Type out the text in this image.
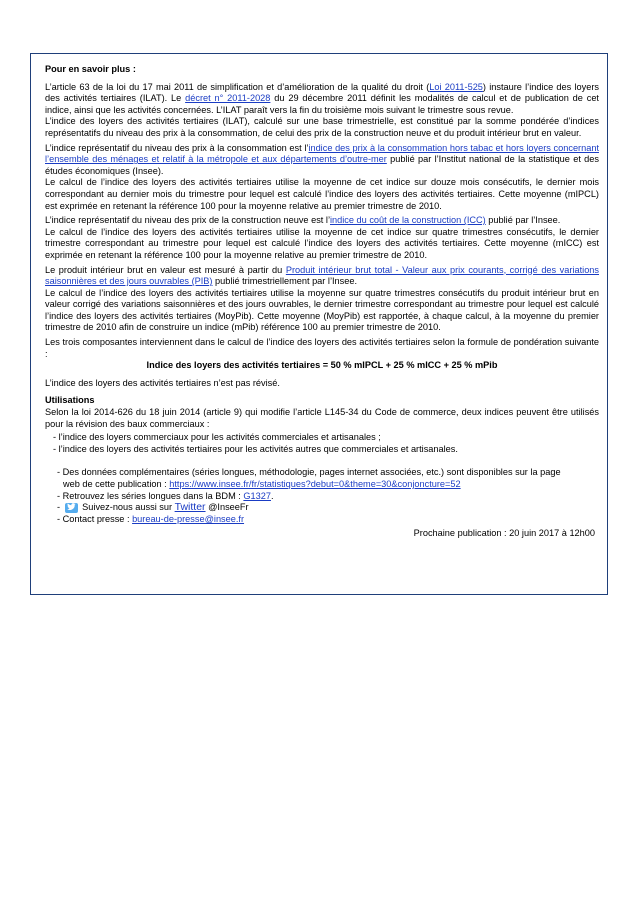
Pour en savoir plus :

L’article 63 de la loi du 17 mai 2011 de simplification et d’amélioration de la qualité du droit (Loi 2011-525) instaure l’indice des loyers des activités tertiaires (ILAT). Le décret n° 2011-2028 du 29 décembre 2011 définit les modalités de calcul et de publication de cet indice, ainsi que les activités concernées. L’ILAT paraît vers la fin du troisième mois suivant le trimestre sous revue.

L’indice des loyers des activités tertiaires (ILAT), calculé sur une base trimestrielle, est constitué par la somme pondérée d’indices représentatifs du niveau des prix à la consommation, de celui des prix de la construction neuve et du produit intérieur brut en valeur.

L’indice représentatif du niveau des prix à la consommation est l’indice des prix à la consommation hors tabac et hors loyers concernant l’ensemble des ménages et relatif à la métropole et aux départements d’outre-mer publié par l’Institut national de la statistique et des études économiques (Insee).
Le calcul de l’indice des loyers des activités tertiaires utilise la moyenne de cet indice sur douze mois consécutifs, le dernier mois correspondant au dernier mois du trimestre pour lequel est calculé l’indice des loyers des activités tertiaires. Cette moyenne (mIPCL) est exprimée en retenant la référence 100 pour la moyenne relative au premier trimestre de 2010.

L’indice représentatif du niveau des prix de la construction neuve est l’indice du coût de la construction (ICC) publié par l’Insee.
Le calcul de l’indice des loyers des activités tertiaires utilise la moyenne de cet indice sur quatre trimestres consécutifs, le dernier trimestre correspondant au trimestre pour lequel est calculé l’indice des loyers des activités tertiaires. Cette moyenne (mICC) est exprimée en retenant la référence 100 pour la moyenne relative au premier trimestre de 2010.

Le produit intérieur brut en valeur est mesuré à partir du Produit intérieur brut total - Valeur aux prix courants, corrigé des variations saisonnières et des jours ouvrables (PIB) publié trimestriellement par l’Insee.
Le calcul de l’indice des loyers des activités tertiaires utilise la moyenne sur quatre trimestres consécutifs du produit intérieur brut en valeur corrigé des variations saisonnières et des jours ouvrables, le dernier trimestre correspondant au trimestre pour lequel est calculé l’indice des loyers des activités tertiaires (MoyPib). Cette moyenne (MoyPib) est rapportée, à chaque calcul, à la moyenne du premier trimestre de 2010 afin de construire un indice (mPib) référence 100 au premier trimestre de 2010.

Les trois composantes interviennent dans le calcul de l’indice des loyers des activités tertiaires selon la formule de pondération suivante :

Indice des loyers des activités tertiaires = 50 % mIPCL + 25 % mICC + 25 % mPib

L’indice des loyers des activités tertiaires n’est pas révisé.

Utilisations

Selon la loi 2014-626 du 18 juin 2014 (article 9) qui modifie l’article L145-34 du Code de commerce, deux indices peuvent être utilisés pour la révision des baux commerciaux :

- l’indice des loyers commerciaux pour les activités commerciales et artisanales ;

- l’indice des loyers des activités tertiaires pour les activités autres que commerciales et artisanales.

- Des données complémentaires (séries longues, méthodologie, pages internet associées, etc.) sont disponibles sur la page

web de cette publication : https://www.insee.fr/fr/statistiques?debut=0&theme=30&conjoncture=52

- Retrouvez les séries longues dans la BDM : G1327.

-  Suivez-nous aussi sur Twitter @InseeFr

- Contact presse : bureau-de-presse@insee.fr

Prochaine publication : 20 juin 2017 à 12h00
